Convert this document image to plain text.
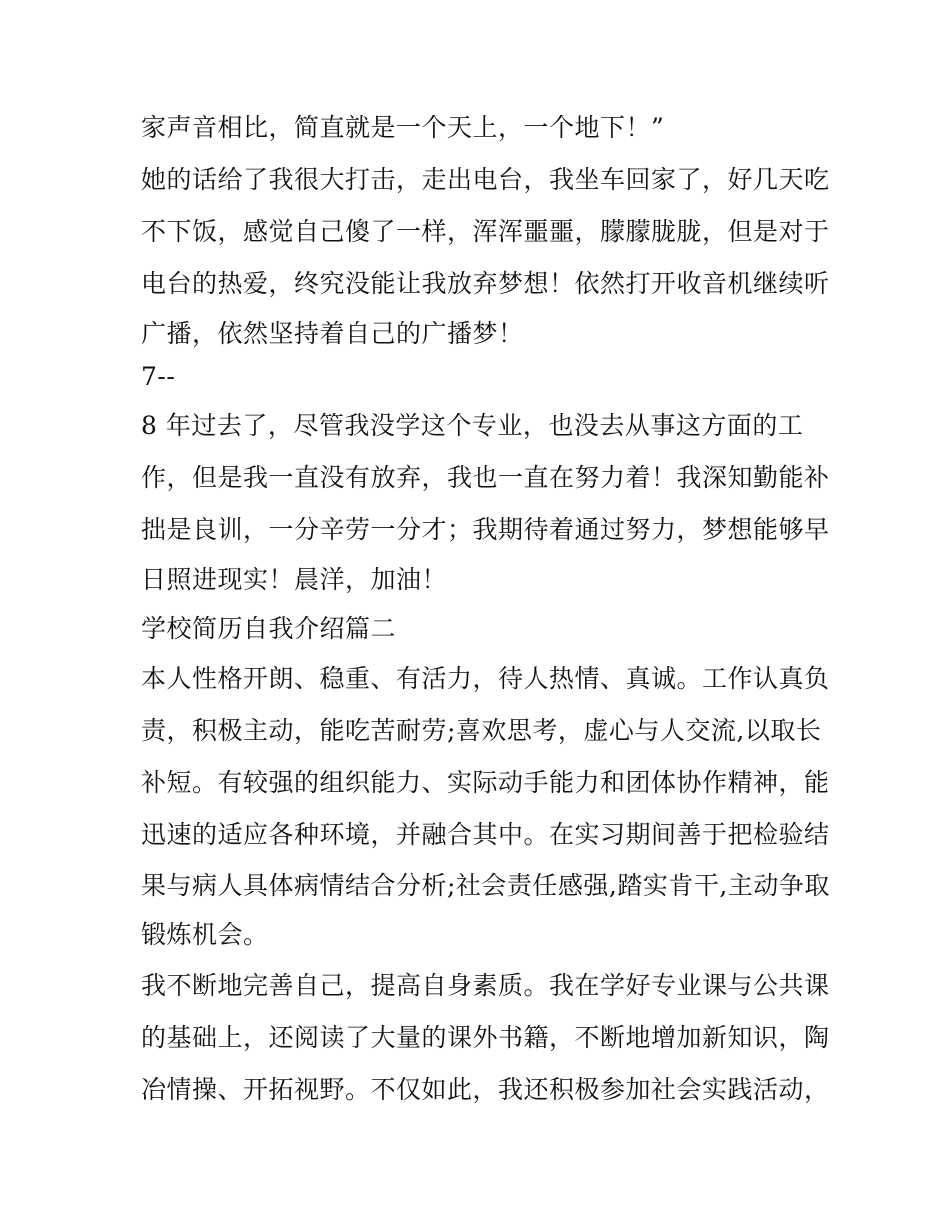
家声音相比，简直就是一个天上，一个地下！”
她的话给了我很大打击，走出电台，我坐车回家了，好几天吃
不下饭，感觉自己傻了一样，浑浑噩噩，朦朦胧胧，但是对于
电台的热爱，终究没能让我放弃梦想！依然打开收音机继续听
广播，依然坚持着自己的广播梦！
7--
8 年过去了，尽管我没学这个专业，也没去从事这方面的工
作，但是我一直没有放弃，我也一直在努力着！我深知勤能补
拙是良训，一分辛劳一分才；我期待着通过努力，梦想能够早
日照进现实！晨洋，加油！
学校简历自我介绍篇二
本人性格开朗、稳重、有活力，待人热情、真诚。工作认真负
责，积极主动，能吃苦耐劳;喜欢思考，虚心与人交流,以取长
补短。有较强的组织能力、实际动手能力和团体协作精神，能
迅速的适应各种环境，并融合其中。在实习期间善于把检验结
果与病人具体病情结合分析;社会责任感强,踏实肯干,主动争取
锻炼机会。
我不断地完善自己，提高自身素质。我在学好专业课与公共课
的基础上，还阅读了大量的课外书籍，不断地增加新知识，陶
冶情操、开拓视野。不仅如此，我还积极参加社会实践活动，
